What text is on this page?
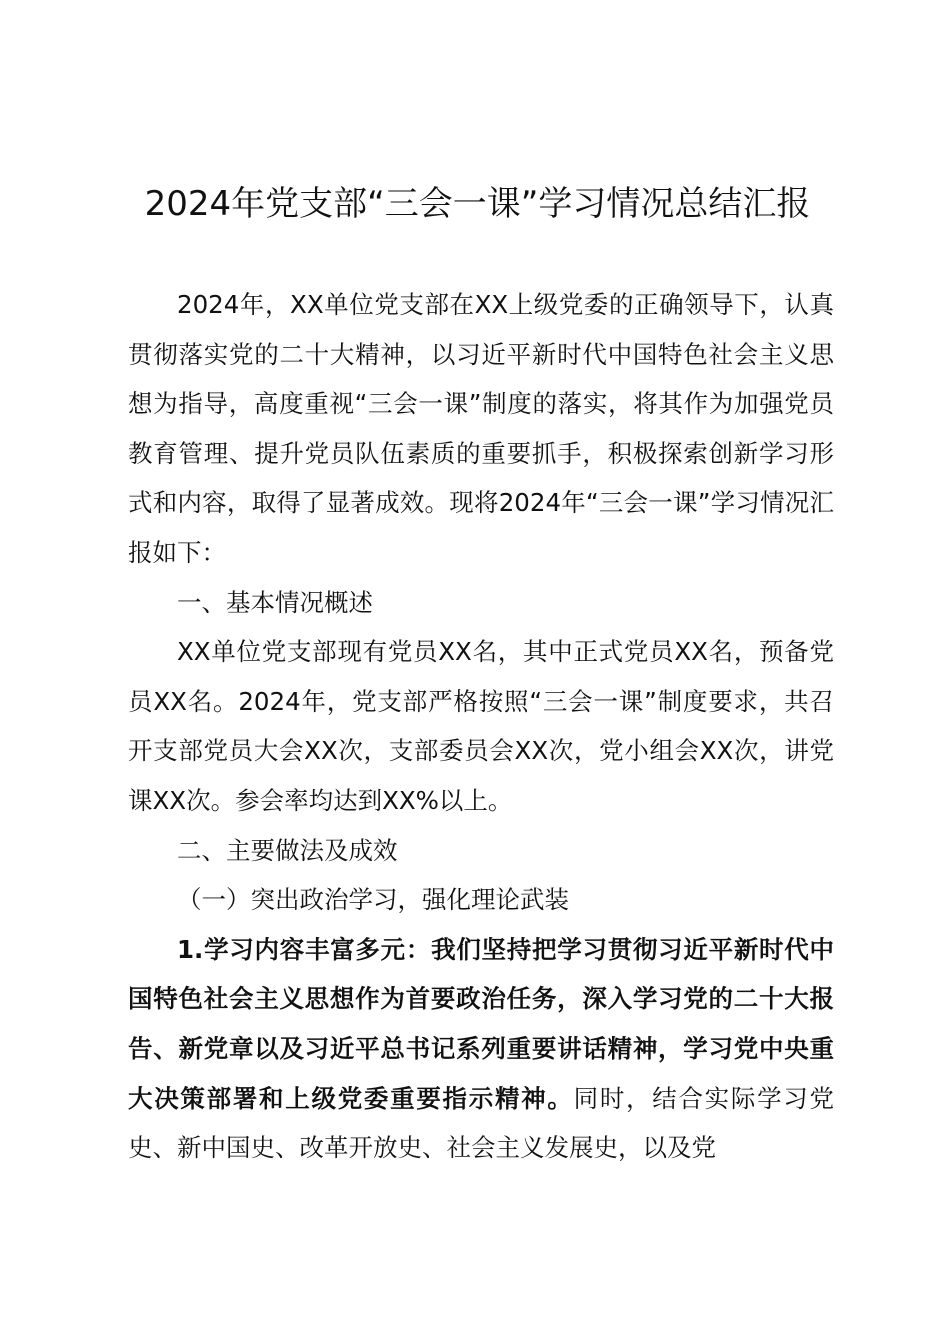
2024年党支部“三会一课”学习情况总结汇报

2024年，XX单位党支部在XX上级党委的正确领导下，认真贯彻落实党的二十大精神，以习近平新时代中国特色社会主义思想为指导，高度重视“三会一课”制度的落实，将其作为加强党员教育管理、提升党员队伍素质的重要抓手，积极探索创新学习形式和内容，取得了显著成效。现将2024年“三会一课”学习情况汇报如下：

一、基本情况概述

XX单位党支部现有党员XX名，其中正式党员XX名，预备党员XX名。2024年，党支部严格按照“三会一课”制度要求，共召开支部党员大会XX次，支部委员会XX次，党小组会XX次，讲党课XX次。参会率均达到XX%以上。

二、主要做法及成效

（一）突出政治学习，强化理论武装

1.学习内容丰富多元：我们坚持把学习贯彻习近平新时代中国特色社会主义思想作为首要政治任务，深入学习党的二十大报告、新党章以及习近平总书记系列重要讲话精神，学习党中央重大决策部署和上级党委重要指示精神。同时，结合实际学习党史、新中国史、改革开放史、社会主义发展史，以及党
